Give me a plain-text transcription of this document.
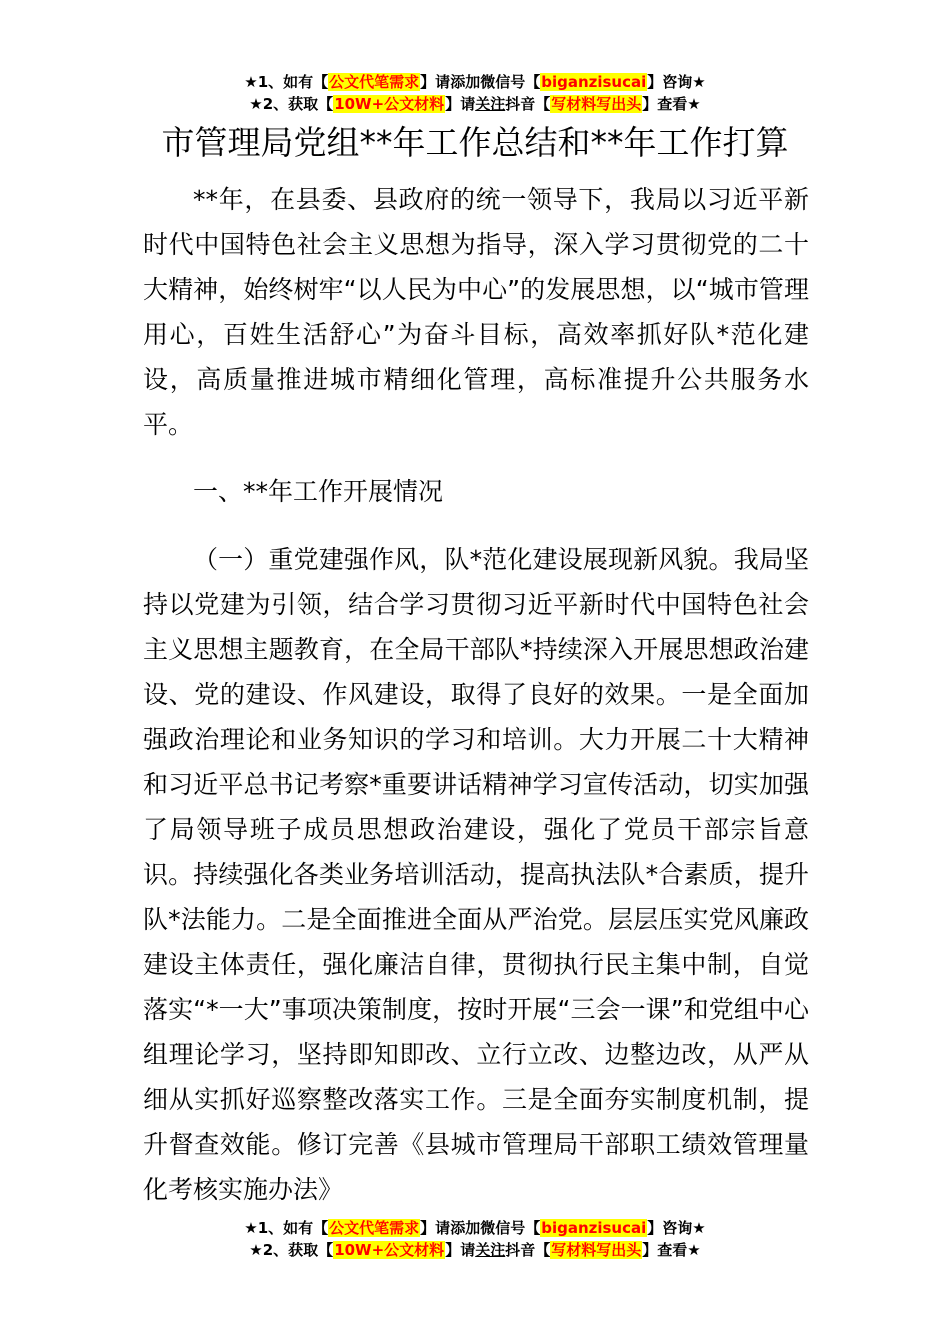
★1、如有【公文代笔需求】请添加微信号【biganzisucai】咨询★
★2、获取【10W+公文材料】请关注抖音【写材料写出头】查看★
市管理局党组**年工作总结和**年工作打算

**年，在县委、县政府的统一领导下，我局以习近平新时代中国特色社会主义思想为指导，深入学习贯彻党的二十大精神，始终树牢“以人民为中心”的发展思想，以“城市管理用心，百姓生活舒心”为奋斗目标，高效率抓好队*范化建设，高质量推进城市精细化管理，高标准提升公共服务水平。

一、**年工作开展情况

（一）重党建强作风，队*范化建设展现新风貌。我局坚持以党建为引领，结合学习贯彻习近平新时代中国特色社会主义思想主题教育，在全局干部队*持续深入开展思想政治建设、党的建设、作风建设，取得了良好的效果。一是全面加强政治理论和业务知识的学习和培训。大力开展二十大精神和习近平总书记考察*重要讲话精神学习宣传活动，切实加强了局领导班子成员思想政治建设，强化了党员干部宗旨意识。持续强化各类业务培训活动，提高执法队*合素质，提升队*法能力。二是全面推进全面从严治党。层层压实党风廉政建设主体责任，强化廉洁自律，贯彻执行民主集中制，自觉落实“*一大”事项决策制度，按时开展“三会一课”和党组中心组理论学习，坚持即知即改、立行立改、边整边改，从严从细从实抓好巡察整改落实工作。三是全面夯实制度机制，提升督查效能。修订完善《县城市管理局干部职工绩效管理量化考核实施办法》

★1、如有【公文代笔需求】请添加微信号【biganzisucai】咨询★
★2、获取【10W+公文材料】请关注抖音【写材料写出头】查看★
